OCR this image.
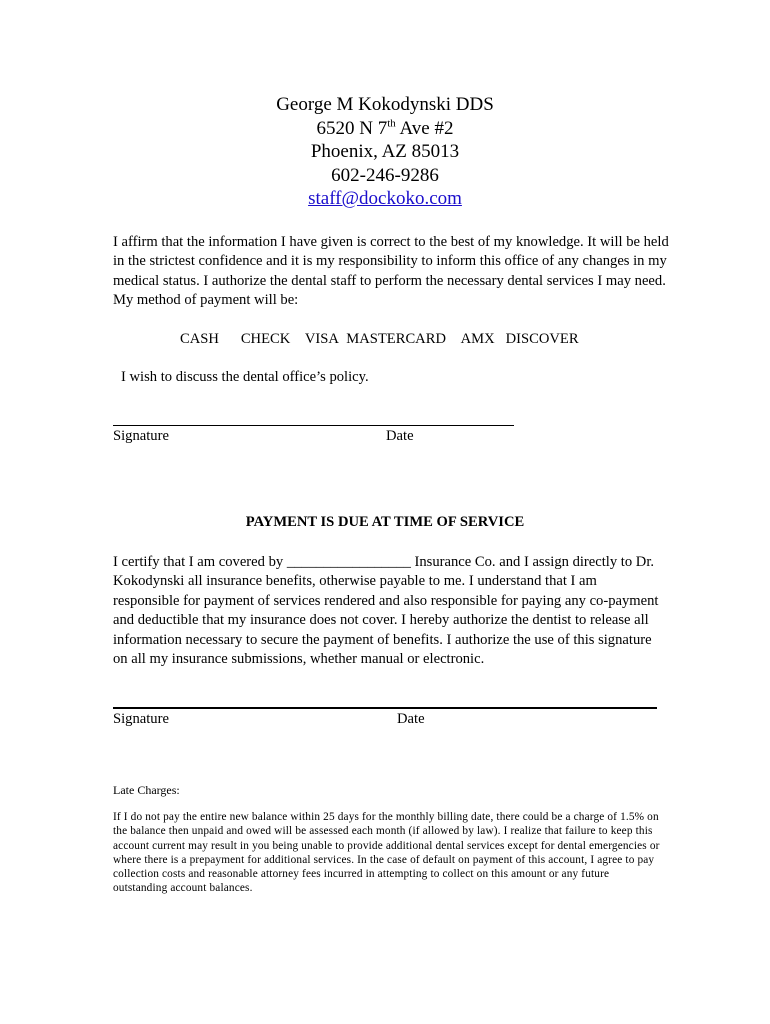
George M Kokodynski DDS
6520 N 7th Ave #2
Phoenix, AZ 85013
602-246-9286
staff@dockoko.com
I affirm that the information I have given is correct to the best of my knowledge. It will be held in the strictest confidence and it is my responsibility to inform this office of any changes in my medical status. I authorize the dental staff to perform the necessary dental services I may need. My method of payment will be:
CASH CHECK VISA MASTERCARD AMX DISCOVER
I wish to discuss the dental office’s policy.
Signature	Date
PAYMENT IS DUE AT TIME OF SERVICE
I certify that I am covered by _________________ Insurance Co. and I assign directly to Dr. Kokodynski all insurance benefits, otherwise payable to me. I understand that I am responsible for payment of services rendered and also responsible for paying any co-payment and deductible that my insurance does not cover. I hereby authorize the dentist to release all information necessary to secure the payment of benefits. I authorize the use of this signature on all my insurance submissions, whether manual or electronic.
Signature	Date
Late Charges:
If I do not pay the entire new balance within 25 days for the monthly billing date, there could be a charge of 1.5% on the balance then unpaid and owed will be assessed each month (if allowed by law). I realize that failure to keep this account current may result in you being unable to provide additional dental services except for dental emergencies or where there is a prepayment for additional services. In the case of default on payment of this account, I agree to pay collection costs and reasonable attorney fees incurred in attempting to collect on this amount or any future outstanding account balances.
